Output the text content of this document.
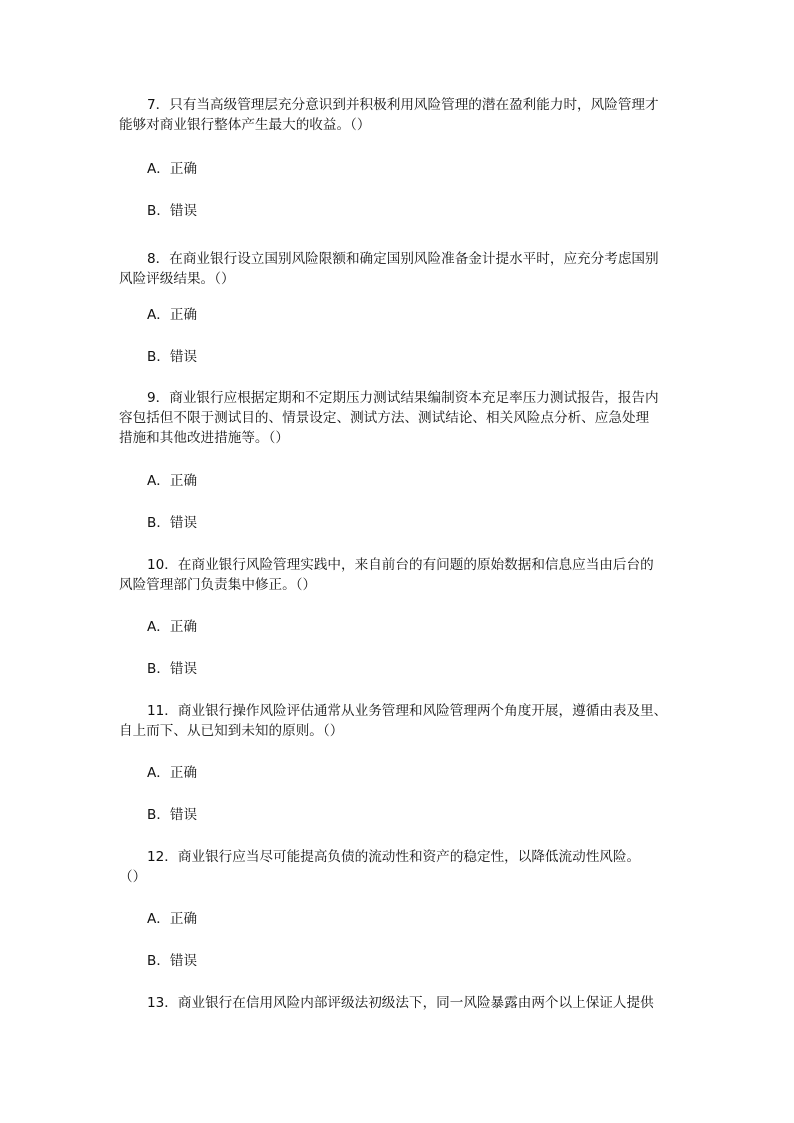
7．只有当高级管理层充分意识到并积极利用风险管理的潜在盈利能力时，风险管理才
能够对商业银行整体产生最大的收益。（）
A．正确
B．错误
8．在商业银行设立国别风险限额和确定国别风险准备金计提水平时，应充分考虑国别
风险评级结果。（）
A．正确
B．错误
9．商业银行应根据定期和不定期压力测试结果编制资本充足率压力测试报告，报告内
容包括但不限于测试目的、情景设定、测试方法、测试结论、相关风险点分析、应急处理
措施和其他改进措施等。（）
A．正确
B．错误
10．在商业银行风险管理实践中，来自前台的有问题的原始数据和信息应当由后台的
风险管理部门负责集中修正。（）
A．正确
B．错误
11．商业银行操作风险评估通常从业务管理和风险管理两个角度开展，遵循由表及里、
自上而下、从已知到未知的原则。（）
A．正确
B．错误
12．商业银行应当尽可能提高负债的流动性和资产的稳定性，以降低流动性风险。
（）
A．正确
B．错误
13．商业银行在信用风险内部评级法初级法下，同一风险暴露由两个以上保证人提供
